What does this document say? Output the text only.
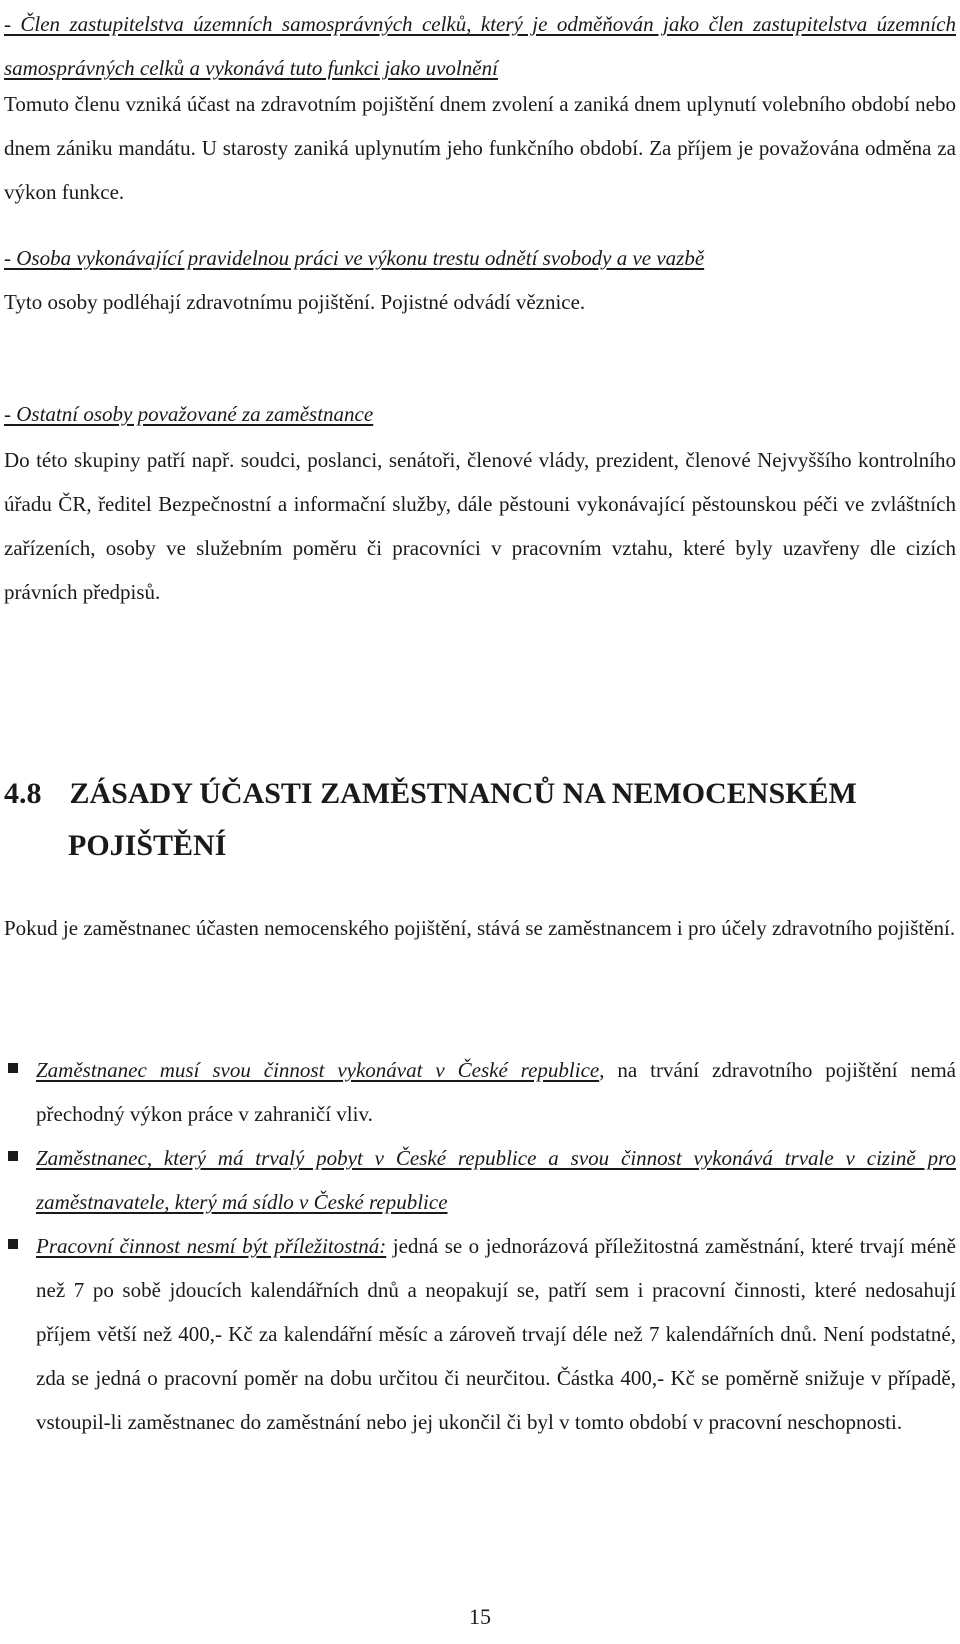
- Člen zastupitelstva územních samosprávných celků, který je odměňován jako člen zastupitelstva územních samosprávných celků a vykonává tuto funkci jako uvolnění

Tomuto členu vzniká účast na zdravotním pojištění dnem zvolení a zaniká dnem uplynutí volebního období nebo dnem zániku mandátu. U starosty zaniká uplynutím jeho funkčního období. Za příjem je považována odměna za výkon funkce.

- Osoba vykonávající pravidelnou práci ve výkonu trestu odnětí svobody a ve vazbě

Tyto osoby podléhají zdravotnímu pojištění. Pojistné odvádí věznice.

- Ostatní osoby považované za zaměstnance

Do této skupiny patří např. soudci, poslanci, senátoři, členové vlády, prezident, členové Nejvyššího kontrolního úřadu ČR, ředitel Bezpečnostní a informační služby, dále pěstouni vykonávající pěstounskou péči ve zvláštních zařízeních, osoby ve služebním poměru či pracovníci v pracovním vztahu, které byly uzavřeny dle cizích právních předpisů.

4.8 ZÁSADY ÚČASTI ZAMĚSTNANCŮ NA NEMOCENSKÉM
POJIŠTĚNÍ

Pokud je zaměstnanec účasten nemocenského pojištění, stává se zaměstnancem i pro účely zdravotního pojištění.

Zaměstnanec musí svou činnost vykonávat v České republice, na trvání zdravotního pojištění nemá přechodný výkon práce v zahraničí vliv.
Zaměstnanec, který má trvalý pobyt v České republice a svou činnost vykonává trvale v cizině pro zaměstnavatele, který má sídlo v České republice
Pracovní činnost nesmí být příležitostná: jedná se o jednorázová příležitostná zaměstnání, které trvají méně než 7 po sobě jdoucích kalendářních dnů a neopakují se, patří sem i pracovní činnosti, které nedosahují příjem větší než 400,- Kč za kalendářní měsíc a zároveň trvají déle než 7 kalendářních dnů. Není podstatné, zda se jedná o pracovní poměr na dobu určitou či neurčitou. Částka 400,- Kč se poměrně snižuje v případě, vstoupil-li zaměstnanec do zaměstnání nebo jej ukončil či byl v tomto období v pracovní neschopnosti.
15
